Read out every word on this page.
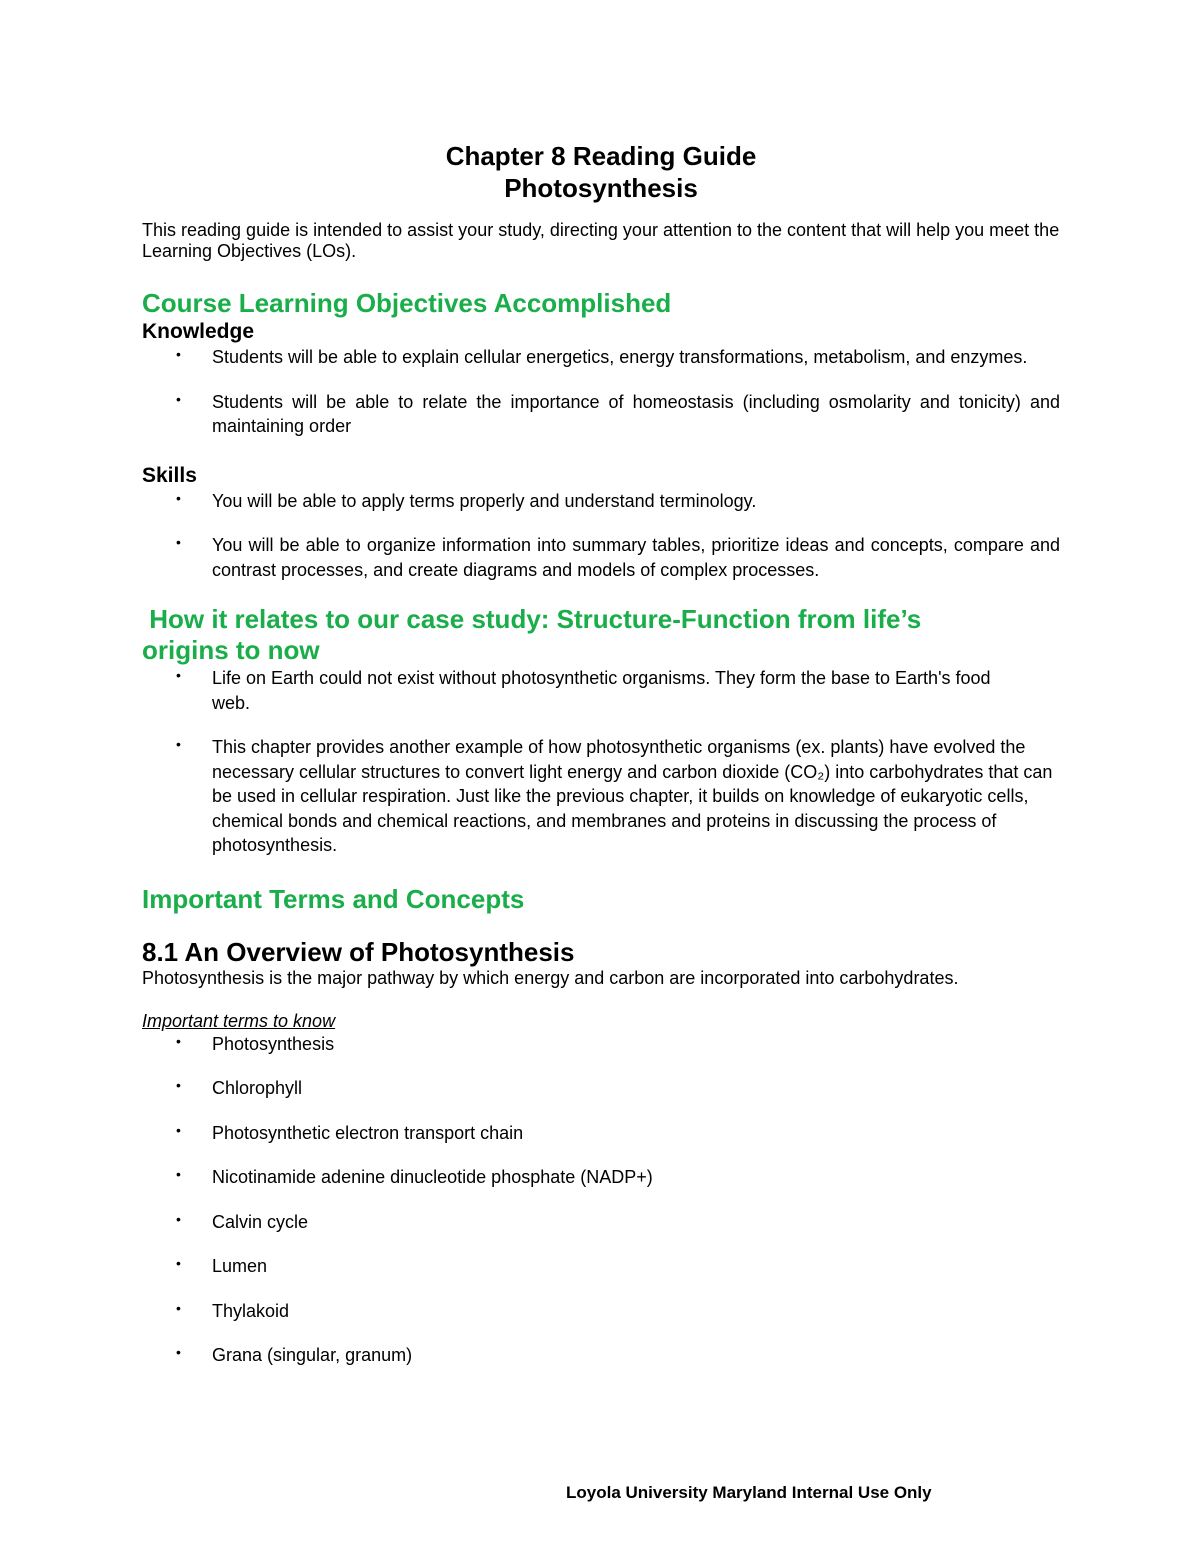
Chapter 8 Reading Guide
Photosynthesis

This reading guide is intended to assist your study, directing your attention to the content that will help you meet the Learning Objectives (LOs).

Course Learning Objectives Accomplished
Knowledge
• Students will be able to explain cellular energetics, energy transformations, metabolism, and enzymes.
• Students will be able to relate the importance of homeostasis (including osmolarity and tonicity) and maintaining order
Skills
• You will be able to apply terms properly and understand terminology.
• You will be able to organize information into summary tables, prioritize ideas and concepts, compare and contrast processes, and create diagrams and models of complex processes.
How it relates to our case study: Structure-Function from life’s origins to now
• Life on Earth could not exist without photosynthetic organisms. They form the base to Earth's food web.
• This chapter provides another example of how photosynthetic organisms (ex. plants) have evolved the necessary cellular structures to convert light energy and carbon dioxide (CO₂) into carbohydrates that can be used in cellular respiration. Just like the previous chapter, it builds on knowledge of eukaryotic cells, chemical bonds and chemical reactions, and membranes and proteins in discussing the process of photosynthesis.
Important Terms and Concepts
8.1 An Overview of Photosynthesis

Photosynthesis is the major pathway by which energy and carbon are incorporated into carbohydrates.

Important terms to know

• Photosynthesis
• Chlorophyll
• Photosynthetic electron transport chain
• Nicotinamide adenine dinucleotide phosphate (NADP+)
• Calvin cycle
• Lumen
• Thylakoid
• Grana (singular, granum)
Loyola University Maryland Internal Use Only
